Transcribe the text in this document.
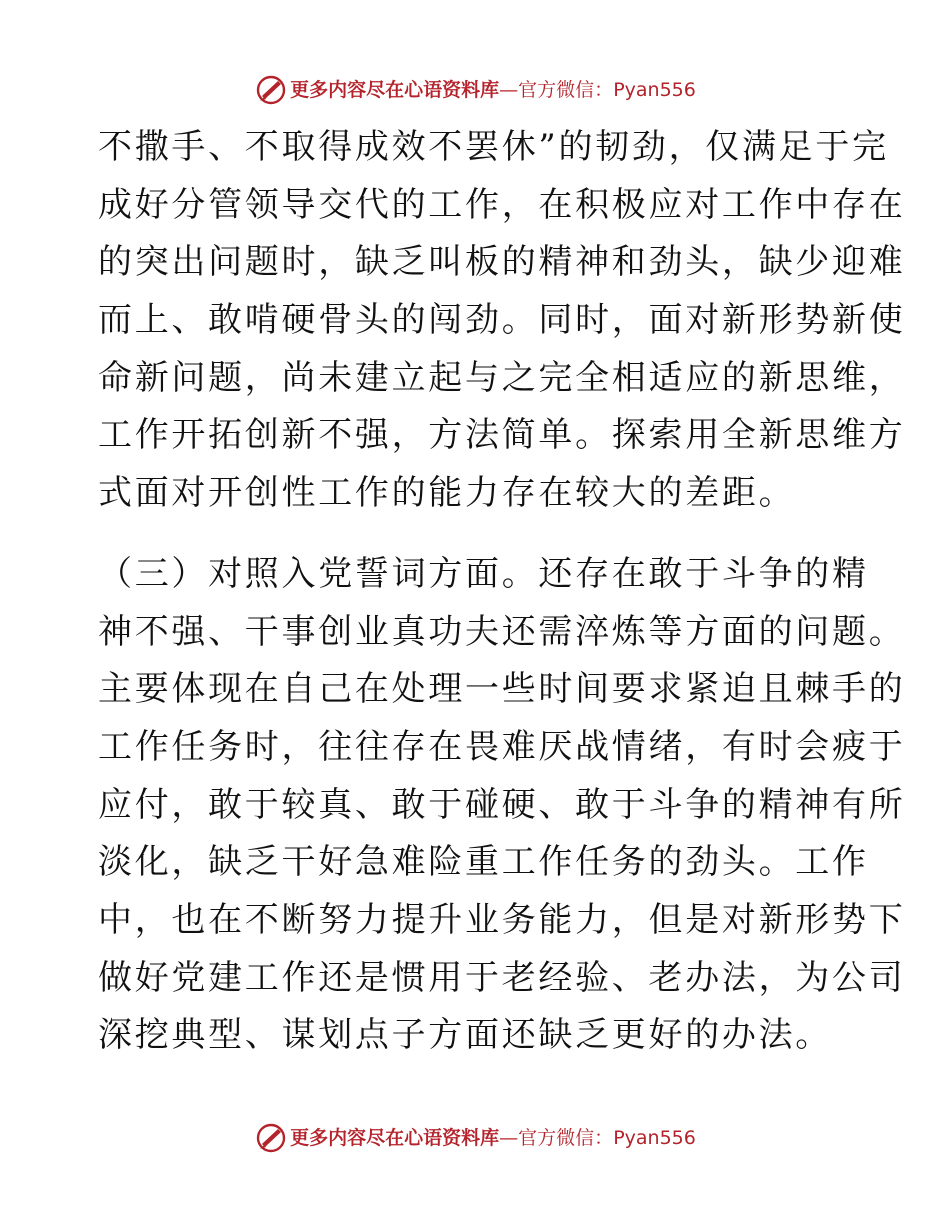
更多内容尽在心语资料库 — 官方微信： Pyan556
不撒手、不取得成效不罢休”的韧劲，仅满足于完
成好分管领导交代的工作，在积极应对工作中存在
的突出问题时，缺乏叫板的精神和劲头，缺少迎难
而上、敢啃硬骨头的闯劲。同时，面对新形势新使
命新问题，尚未建立起与之完全相适应的新思维，
工作开拓创新不强，方法简单。探索用全新思维方
式面对开创性工作的能力存在较大的差距。
（三）对照入党誓词方面。还存在敢于斗争的精
神不强、干事创业真功夫还需淬炼等方面的问题。
主要体现在自己在处理一些时间要求紧迫且棘手的
工作任务时，往往存在畏难厌战情绪，有时会疲于
应付，敢于较真、敢于碰硬、敢于斗争的精神有所
淡化，缺乏干好急难险重工作任务的劲头。工作
中，也在不断努力提升业务能力，但是对新形势下
做好党建工作还是惯用于老经验、老办法，为公司
深挖典型、谋划点子方面还缺乏更好的办法。
更多内容尽在心语资料库 — 官方微信： Pyan556
